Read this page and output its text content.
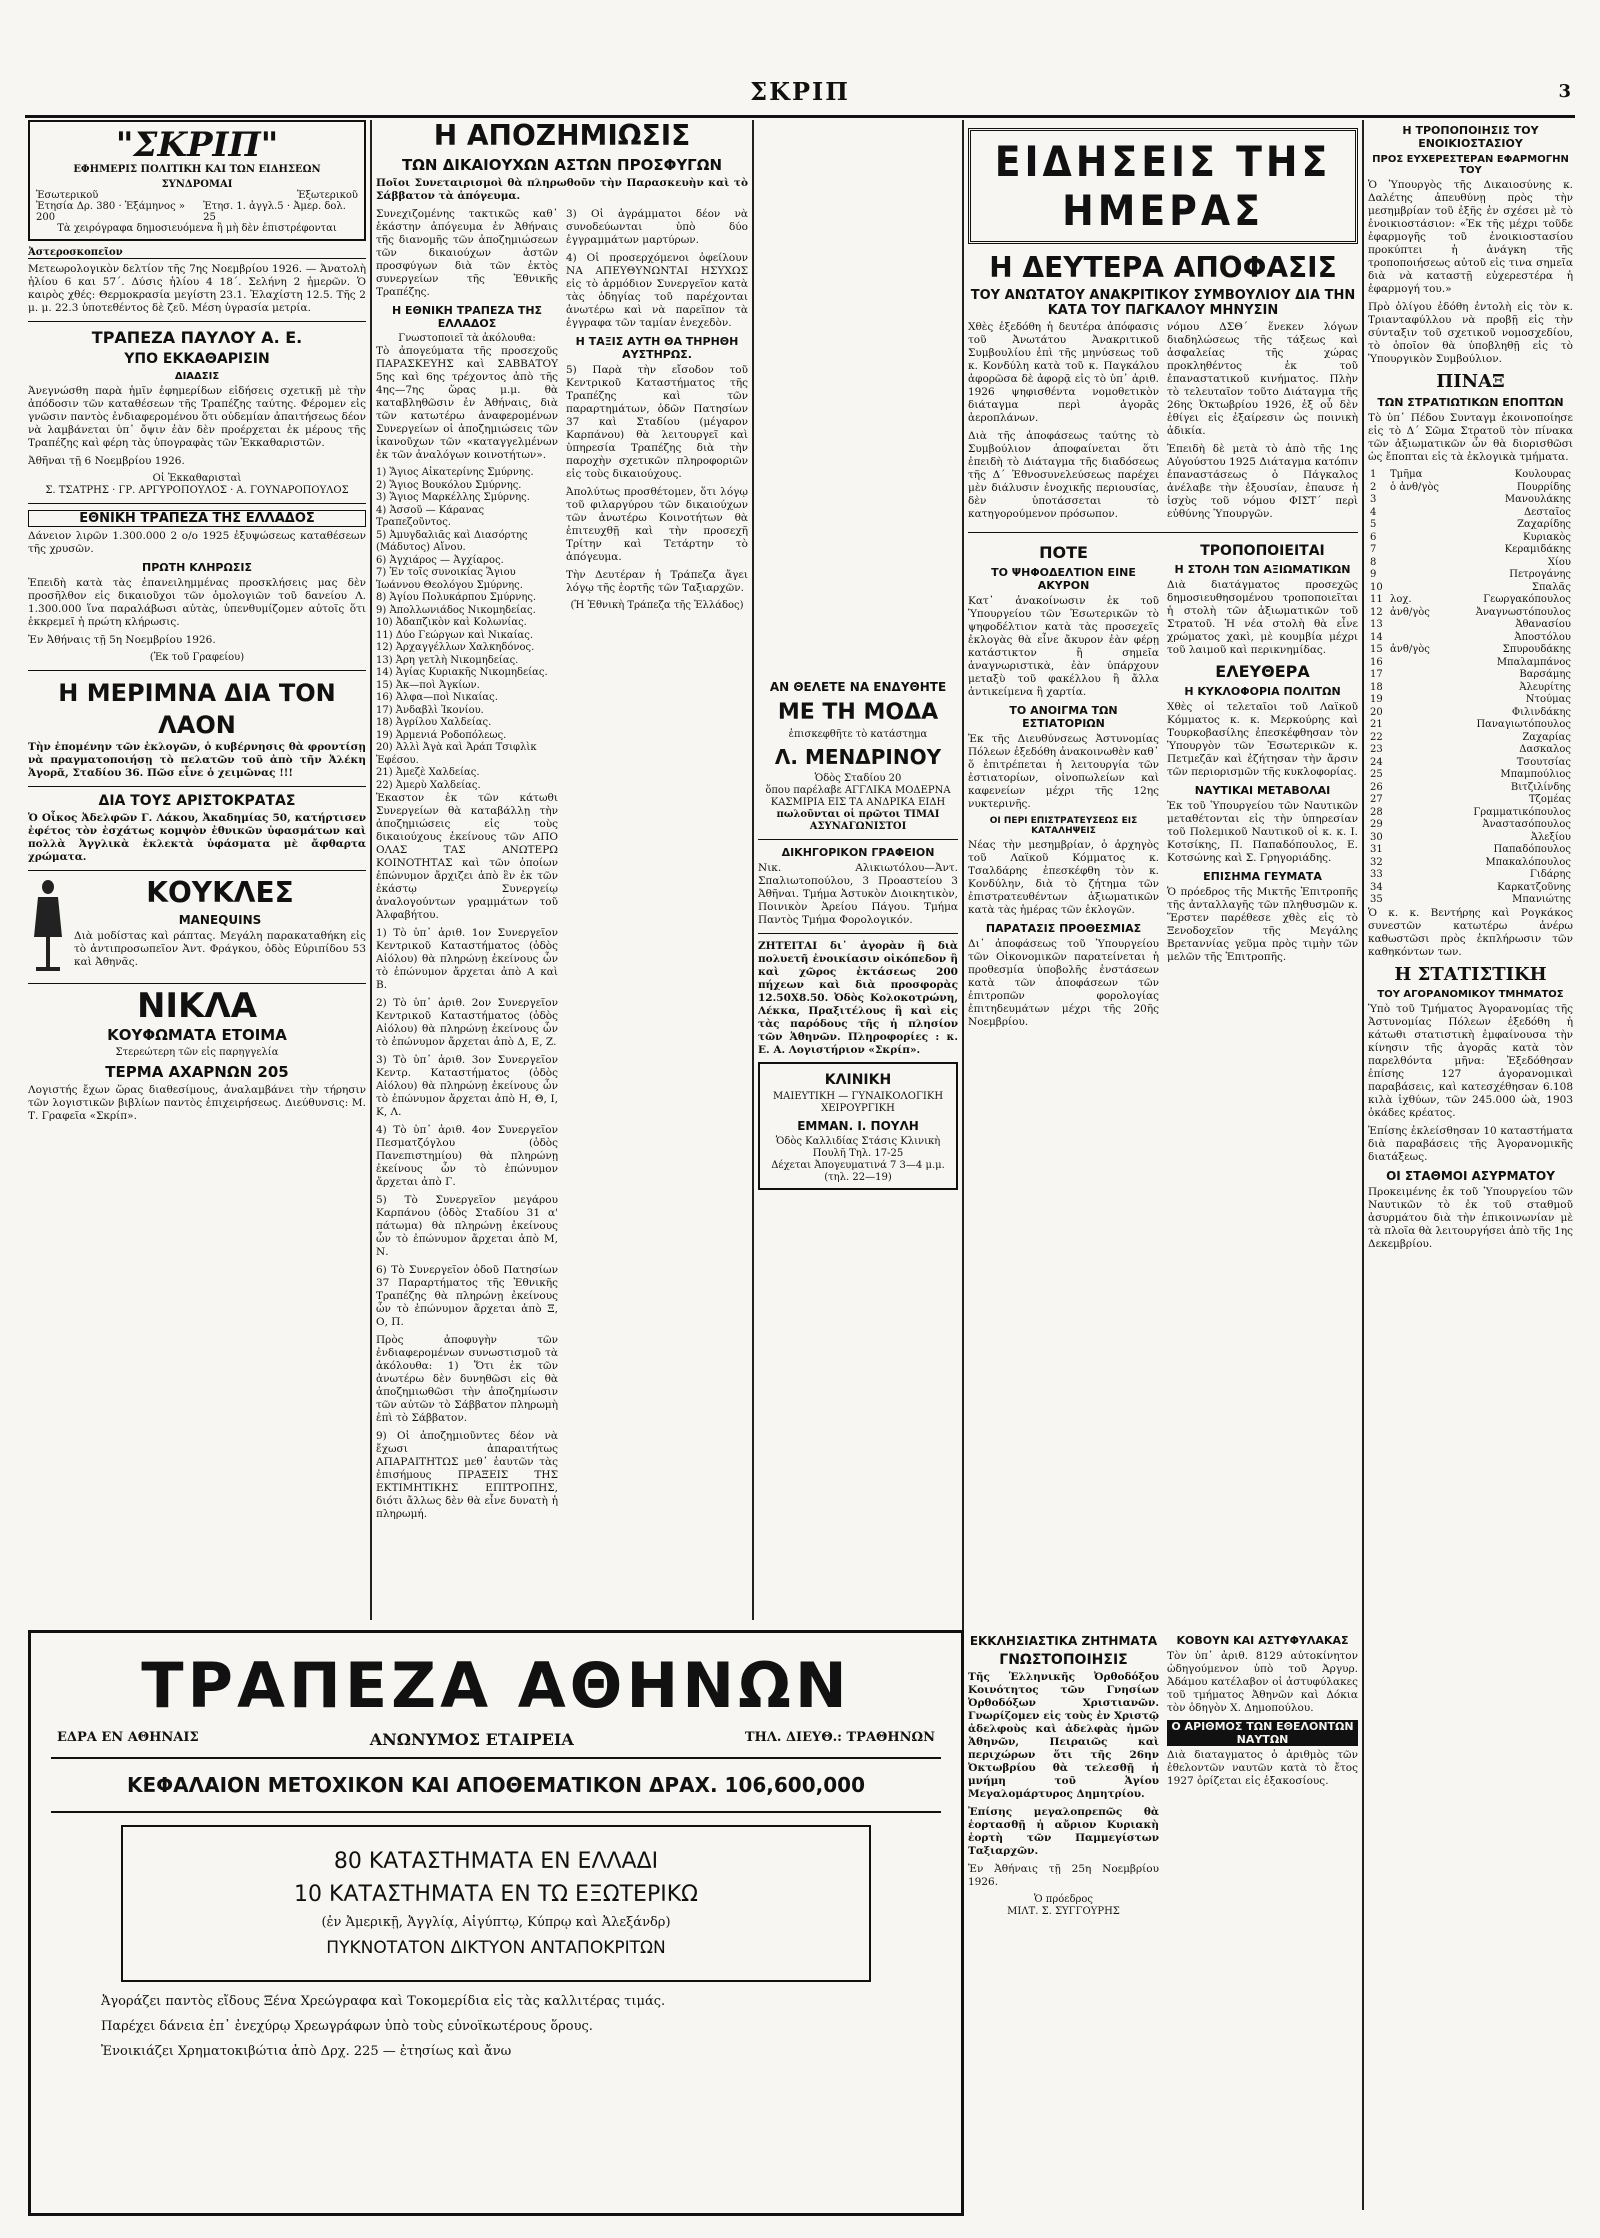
ΣΚΡΙΠ	3
"ΣΚΡΙΠ"
ΕΦΗΜΕΡΙΣ ΠΟΛΙΤΙΚΗ ΚΑΙ ΤΩΝ ΕΙΔΗΣΕΩΝ
ΣΥΝΔΡΟΜΑΙ
Ἐσωτερικοῦ	Ἐξωτερικοῦ
Ἐτησία Δρ. 380 · Ἑξάμηνος » 200
Ἐτησ. 1. ἀγγλ.5 · Ἀμερ. δολ. 25
Τὰ χειρόγραφα δημοσιευόμενα ἢ μὴ δὲν ἐπιστρέφονται
Ἀστεροσκοπεῖον

Μετεωρολογικὸν δελτίον τῆς 7ης Νοεμβρίου 1926. — Ἀνατολὴ ἡλίου 6 και 57΄. Δύσις ἡλίου 4 18΄. Σελήνη 2 ἡμερῶν. Ὁ καιρὸς χθές: Θερμοκρασία μεγίστη 23.1. Ἐλαχίστη 12.5. Τῆς 2 μ. μ. 22.3 ὑποτεθέντος δὲ ζεῦ. Μέση ὑγρασία μετρία.

ΤΡΑΠΕΖΑ ΠΑΥΛΟΥ Α. Ε.
ΥΠΟ ΕΚΚΑΘΑΡΙΣΙΝ
ΔΙΑΔΣΙΣ

Ἀνεγνώσθη παρὰ ἡμῖν ἐφημερίδων εἰδήσεις σχετικῇ μὲ τὴν ἀπόδοσιν τῶν καταθέσεων τῆς Τραπέζης ταύτης. Φέρομεν εἰς γνῶσιν παντὸς ἐνδιαφερομένου ὅτι οὐδεμίαν ἀπαιτήσεως δέον νὰ λαμβάνεται ὑπ᾽ ὄψιν ἐὰν δὲν προέρχεται ἐκ μέρους τῆς Τραπέζης καὶ φέρη τὰς ὑπογραφὰς τῶν Ἐκκαθαριστῶν.

Ἀθῆναι τῇ 6 Νοεμβρίου 1926.

Οἱ Ἐκκαθαρισταὶ
Σ. ΤΣΑΤΡΗΣ · ΓΡ. ΑΡΓΥΡΟΠΟΥΛΟΣ · Α. ΓΟΥΝΑΡΟΠΟΥΛΟΣ
ΕΘΝΙΚΗ ΤΡΑΠΕΖΑ ΤΗΣ ΕΛΛΑΔΟΣ

Δάνειον λιρῶν 1.300.000 2 ο/ο 1925 ἐξυψώσεως καταθέσεων τῆς χρυσῶν.

ΠΡΩΤΗ ΚΛΗΡΩΣΙΣ

Ἐπειδὴ κατὰ τὰς ἐπανειλημμένας προσκλήσεις μας δὲν προσῆλθον εἰς δικαιοῦχοι τῶν ὁμολογιῶν τοῦ δανείου Λ. 1.300.000 ἵνα παραλάβωσι αὐτὰς, ὑπενθυμίζομεν αὐτοῖς ὅτι ἐκκρεμεῖ ἡ πρώτη κλήρωσις.

Ἐν Ἀθήναις τῇ 5η Νοεμβρίου 1926.

(Ἐκ τοῦ Γραφείου)
Η ΜΕΡΙΜΝΑ ΔΙΑ ΤΟΝ ΛΑΟΝ

Τὴν ἐπομένην τῶν ἐκλογῶν, ὁ κυβέρνησις θὰ φροντίσῃ νὰ πραγματοποιήσῃ τὸ πελατῶν τοῦ ἀπὸ τῆν Ἀλέκη Ἀγορᾶ, Σταδίου 36. Πῶσ εἶνε ὁ χειμῶνας !!!

ΔΙΑ ΤΟΥΣ ΑΡΙΣΤΟΚΡΑΤΑΣ

Ὁ Οἶκος Ἀδελφῶν Γ. Λάκου, Ἀκαδημίας 50, κατήρτισεν ἐφέτος τὸν ἐσχάτως κομψὸν ἐθνικῶν ὑφασμάτων καὶ πολλὰ Ἀγγλικὰ ἐκλεκτὰ ὑφάσματα μὲ ἄφθαρτα χρώματα.

ΚΟΥΚΛΕΣ
MANEQUINS

Διὰ μοδίστας καὶ ράπτας. Μεγάλη παρακαταθήκη εἰς τὸ ἀντιπροσωπεῖον Ἀντ. Φράγκου, ὁδὸς Εὐριπίδου 53 καὶ Ἀθηνᾶς.

ΝΙΚΛΑ
ΚΟΥΦΩΜΑΤΑ ΕΤΟΙΜΑ
Στερεώτερη τῶν εἰς παρηγγελία
ΤΕΡΜΑ ΑΧΑΡΝΩΝ 205

Λογιστής ἔχων ὥρας διαθεσίμους, ἀναλαμβάνει τὴν τήρησιν τῶν λογιστικῶν βιβλίων παντὸς ἐπιχειρήσεως. Διεύθυνσις: Μ. Τ. Γραφεῖα «Σκρίπ».

Η ΑΠΟΖΗΜΙΩΣΙΣ
ΤΩΝ ΔΙΚΑΙΟΥΧΩΝ ΑΣΤΩΝ ΠΡΟΣΦΥΓΩΝ

Ποῖοι Συνεταιρισμοὶ θὰ πληρωθοῦν τὴν Παρασκευὴν καὶ τὸ Σάββατον τὰ ἀπόγευμα.

Συνεχιζομένης τακτικῶς καθ᾽ ἑκάστην ἀπόγευμα ἐν Ἀθήναις τῆς διανομῆς τῶν ἀποζημιώσεων τῶν δικαιούχων ἀστῶν προσφύγων διὰ τῶν ἐκτὸς συνεργείων τῆς Ἐθνικῆς Τραπέζης.

Η ΕΘΝΙΚΗ ΤΡΑΠΕΖΑ ΤΗΣ ΕΛΛΑΔΟΣ
Γνωστοποιεῖ τὰ ἀκόλουθα:

Τὸ ἀπογεύματα τῆς προσεχοῦς ΠΑΡΑΣΚΕΥΗΣ καὶ ΣΑΒΒΑΤΟΥ 5ης καὶ 6ης τρέχοντος ἀπὸ τῆς 4ης—7ης ὥρας μ.μ. θὰ καταβληθῶσιν ἐν Ἀθήναις, διὰ τῶν κατωτέρω ἀναφερομένων Συνεργείων οἱ ἀποζημιώσεις τῶν ἱκανοῦχων τῶν «καταγγελμένων ἐκ τῶν ἀναλόγων κοινοτήτων».

1) Ἅγιος Αἰκατερίνης Σμύρνης.
2) Ἅγιος Βουκόλου Σμύρνης.
3) Ἅγιος Μαρκέλλης Σμύρνης.
4) Ἁσσοῦ — Κάρανας Τραπεζοῦντος.
5) Ἀμυγδαλιᾶς καὶ Διασόρτης (Μάδυτος) Αἴνου.
6) Ἀγχιάρος — Ἀγχίαρος.
7) Ἐν τοῖς συνοικίας Ἅγιου Ἰωάννου Θεολόγου Σμύρνης.
8) Ἁγίου Πολυκάρπου Σμύρνης.
9) Ἀπολλωνιάδος Νικομηδείας.
10) Ἀδαπζικὸν καὶ Κολωνίας.
11) Δύο Γεώργων καὶ Νικαίας.
12) Ἀρχαγγέλλων Χαλκηδόνος.
13) Ἀρη γετλὴ Νικομηδείας.
14) Ἁγίας Κυριακῆς Νικομηδείας.
15) Ἀκ—ποὶ Ἀγκίων.
16) Ἀλφα—ποὶ Νικαίας.
17) Ἀνδαβλὶ Ἰκονίου.
18) Ἀγρίλου Χαλδείας.
19) Ἀρμενιά Ροδοπόλεως.
20) Ἀλλὶ Ἀγὰ καὶ Ἀράπ Τσιφλὶκ Ἐφέσου.
21) Ἀμεζὲ Χαλδείας.
22) Ἀμερὺ Χαλδείας.

Ἑκαστον ἐκ τῶν κάτωθι Συνεργείων θὰ καταβάλλῃ τὴν ἀποζημιώσεις εἰς τοὺς δικαιούχους ἐκείνους τῶν ΑΠΟ ΟΛΑΣ ΤΑΣ ΑΝΩΤΕΡΩ ΚΟΙΝΟΤΗΤΑΣ καὶ τῶν ὁποίων ἐπώνυμον ἄρχιζει ἀπὸ ἓν ἐκ τῶν ἑκάστῳ Συνεργείῳ ἀναλογούντων γραμμάτων τοῦ Ἀλφαβήτου.

1) Τὸ ὑπ᾽ ἀριθ. 1ον Συνεργεῖον Κεντρικοῦ Καταστήματος (ὁδὸς Αἰόλου) θὰ πληρώνῃ ἐκείνους ὧν τὸ ἐπώνυμον ἄρχεται ἀπὸ Α καὶ Β.

2) Τὸ ὑπ᾽ ἀριθ. 2ον Συνεργεῖον Κεντρικοῦ Καταστήματος (ὁδὸς Αἰόλου) θὰ πληρώνῃ ἐκείνους ὧν τὸ ἐπώνυμον ἄρχεται ἀπὸ Δ, Ε, Ζ.

3) Τὸ ὑπ᾽ ἀριθ. 3ον Συνεργεῖον Κεντρ. Καταστήματος (ὁδὸς Αἰόλου) θὰ πληρώνῃ ἐκείνους ὧν τὸ ἐπώνυμον ἄρχεται ἀπὸ Η, Θ, Ι, Κ, Λ.

4) Τὸ ὑπ᾽ ἀριθ. 4ον Συνεργεῖον Πεσματζόγλου (ὁδὸς Πανεπιστημίου) θὰ πληρώνῃ ἐκείνους ὧν τὸ ἐπώνυμον ἄρχεται ἀπὸ Γ.

5) Τὸ Συνεργεῖον μεγάρου Καρπάνου (ὁδὸς Σταδίου 31 α' πάτωμα) θὰ πληρώνῃ ἐκείνους ὧν τὸ ἐπώνυμον ἄρχεται ἀπὸ Μ, Ν.

6) Τὸ Συνεργεῖον ὁδοῦ Πατησίων 37 Παραρτήματος τῆς Ἐθνικῆς Τραπέζης θὰ πληρώνῃ ἐκείνους ὧν τὸ ἐπώνυμον ἄρχεται ἀπὸ Ξ, Ο, Π.

Πρὸς ἀποφυγὴν τῶν ἐνδιαφερομένων συνωστισμοῦ τὰ ἀκόλουθα: 1) Ὅτι ἐκ τῶν ἀνωτέρω δὲν δυνηθῶσι εἰς θὰ ἀποζημιωθῶσι τὴν ἀποζημίωσιν τῶν αὐτῶν τὸ Σάββατον πληρωμὴ ἐπὶ τὸ Σάββατον.

9) Οἱ ἀποζημιοῦντες δέον νὰ ἔχωσι ἀπαραιτήτως ΑΠΑΡΑΙΤΗΤΩΣ μεθ᾽ ἑαυτῶν τὰς ἐπισήμους ΠΡΑΞΕΙΣ ΤΗΣ ΕΚΤΙΜΗΤΙΚΗΣ ΕΠΙΤΡΟΠΗΣ, διότι ἄλλως δὲν θὰ εἶνε δυνατὴ ἡ πληρωμή.

3) Οἱ ἀγράμματοι δέον νὰ συνοδεύωνται ὑπὸ δύο ἐγγραμμάτων μαρτύρων.

4) Οἱ προσερχόμενοι ὀφείλουν ΝΑ ΑΠΕΥΘΥΝΩΝΤΑΙ ΗΣΥΧΩΣ εἰς τὸ ἁρμόδιον Συνεργεῖον κατὰ τὰς ὁδηγίας τοῦ παρέχονται ἀνωτέρω καὶ νὰ παρεῖπον τὰ ἐγγραφα τῶν ταμίαν ἐνεχεδὸν.

Η ΤΑΞΙΣ ΑΥΤΗ ΘΑ ΤΗΡΗΘΗ ΑΥΣΤΗΡΩΣ.

5) Παρὰ τὴν εἴσοδον τοῦ Κεντρικοῦ Καταστήματος τῆς Τραπέζης καὶ τῶν παραρτημάτων, ὁδῶν Πατησίων 37 καὶ Σταδίου (μέγαρον Καρπάνου) θὰ λειτουργεῖ καὶ ὑπηρεσία Τραπέζης διὰ τὴν παροχὴν σχετικῶν πληροφοριῶν εἰς τοὺς δικαιούχους.

Ἀπολύτως προσθέτομεν, ὅτι λόγῳ τοῦ φιλαργύρου τῶν δικαιούχων τῶν ἀνωτέρω Κοινοτήτων θὰ ἐπιτευχθῇ καὶ τὴν προσεχῆ Τρίτην καὶ Τετάρτην τὸ ἀπόγευμα.

Τὴν Δευτέραν ἡ Τράπεζα ἄγει λόγῳ τῆς ἑορτῆς τῶν Ταξιαρχῶν.

(Ἡ Ἐθνικὴ Τράπεζα τῆς Ἑλλάδος)
ΑΝ ΘΕΛΕΤΕ ΝΑ ΕΝΔΥΘΗΤΕ
ΜΕ ΤΗ ΜΟΔΑ
ἐπισκεφθῆτε τὸ κατάστημα
Λ. ΜΕΝΔΡΙΝΟΥ
Ὁδὸς Σταδίου 20
ὅπου παρέλαβε ΑΓΓΛΙΚΑ ΜΟΔΕΡΝΑ ΚΑΣΜΙΡΙΑ ΕΙΣ ΤΑ ΑΝΔΡΙΚΑ ΕΙΔΗ
πωλοῦνται οἱ πρῶτοι ΤΙΜΑΙ ΑΣΥΝΑΓΩΝΙΣΤΟΙ
ΔΙΚΗΓΟΡΙΚΟΝ ΓΡΑΦΕΙΟΝ

Νικ. Αλικιωτόλου—Ἀντ. Σπαλιωτοπούλου, 3 Προαστείου 3 Ἀθῆναι. Τμήμα Ἀστυκὸν Διοικητικὸν, Ποινικὸν Ἀρείου Πάγου. Τμήμα Παντὸς Τμήμα Φορολογικόν.

ΖΗΤΕΙΤΑΙ δι᾽ ἀγορὰν ἢ διὰ πολυετῆ ἐνοικίασιν οἰκόπεδον ἢ καὶ χῶρος ἐκτάσεως 200 πήχεων καὶ διὰ προσφορὰς 12.50Χ8.50. Ὀδὸς Κολοκοτρώνη, Λέκκα, Πραξιτέλους ἢ καὶ εἰς τὰς παρόδους τῆς ἡ πλησίον τῶν Ἁθηνῶν. Πληροφορίες : κ. Ε. Α. Λογιστήριον «Σκρίπ».

ΚΛΙΝΙΚΗ
ΜΑΙΕΥΤΙΚΗ — ΓΥΝΑΙΚΟΛΟΓΙΚΗ ΧΕΙΡΟΥΡΓΙΚΗ
ΕΜΜΑΝ. Ι. ΠΟΥΛΗ
Ὁδὸς Καλλιδίας Στάσις Κλινικὴ Πουλῆ Τηλ. 17-25
Δέχεται Ἀπογευματινά 7 3—4 μ.μ. (τηλ. 22—19)
ΕΙΔΗΣΕΙΣ ΤΗΣ ΗΜΕΡΑΣ
Η ΔΕΥΤΕΡΑ ΑΠΟΦΑΣΙΣ
ΤΟΥ ΑΝΩΤΑΤΟΥ ΑΝΑΚΡΙΤΙΚΟΥ ΣΥΜΒΟΥΛΙΟΥ ΔΙΑ ΤΗΝ ΚΑΤΑ ΤΟΥ ΠΑΓΚΑΛΟΥ ΜΗΝΥΣΙΝ

Χθὲς ἐξεδόθη ἡ δευτέρα ἀπόφασις τοῦ Ἀνωτάτου Ἀνακριτικοῦ Συμβουλίου ἐπὶ τῆς μηνύσεως τοῦ κ. Κονδύλη κατὰ τοῦ κ. Παγκάλου ἀφορῶσα δὲ ἀφορᾷ εἰς τὸ ὑπ᾽ ἀριθ. 1926 ψηφισθέντα νομοθετικὸν διάταγμα περὶ ἀγορᾶς ἀεροπλάνων.

Διὰ τῆς ἀποφάσεως ταύτης τὸ Συμβούλιον ἀποφαίνεται ὅτι ἐπειδὴ τὸ Διάταγμα τῆς διαδόσεως τῆς Δ΄ Ἐθνοσυνελεύσεως παρέχει μὲν διάλυσιν ἐνοχικῆς περιουσίας, δὲν ὑποτάσσεται τὸ κατηγορούμενον πρόσωπον.

νόμου ΔΣΘ΄ ἕνεκεν λόγων διαδηλώσεως τῆς τάξεως καὶ ἀσφαλείας τῆς χώρας προκληθέντος ἐκ τοῦ ἐπαναστατικοῦ κινήματος. Πλὴν τὸ τελευταῖον τοῦτο Διάταγμα τῆς 26ης Ὀκτωβρίου 1926, ἐξ οὗ δὲν ἐθίγει εἰς ἐξαίρεσιν ὡς ποινικὴ ἀδικία.

Ἐπειδὴ δὲ μετὰ τὸ ἀπὸ τῆς 1ης Αὐγούστου 1925 Διάταγμα κατόπιν ἐπαναστάσεως ὁ Πάγκαλος ἀνέλαβε τὴν ἐξουσίαν, ἐπαυσε ἡ ἰσχὺς τοῦ νόμου ΦΙΣΤ΄ περὶ εὐθύνης Ὑπουργῶν.

ΠΟΤΕ
ΤΟ ΨΗΦΟΔΕΛΤΙΟΝ ΕΙΝΕ ΑΚΥΡΟΝ

Κατ᾽ ἀνακοίνωσιν ἐκ τοῦ Ὑπουργείου τῶν Ἐσωτερικῶν τὸ ψηφοδέλτιον κατὰ τὰς προσεχεῖς ἐκλογὰς θὰ εἶνε ἄκυρον ἐὰν φέρῃ κατάστικτον ἢ σημεῖα ἀναγνωριστικὰ, ἐὰν ὑπάρχουν μεταξὺ τοῦ φακέλλου ἢ ἄλλα ἀντικείμενα ἢ χαρτία.

ΤΟ ΑΝΟΙΓΜΑ ΤΩΝ ΕΣΤΙΑΤΟΡΙΩΝ

Ἐκ τῆς Διευθύνσεως Ἀστυνομίας Πόλεων ἐξεδόθη ἀνακοινωθὲν καθ᾽ ὅ ἐπιτρέπεται ἡ λειτουργία τῶν ἐστιατορίων, οἰνοπωλείων καὶ καφενείων μέχρι τῆς 12ης νυκτερινῆς.

ΟΙ ΠΕΡΙ ΕΠΙΣΤΡΑΤΕΥΣΕΩΣ ΕΙΣ ΚΑΤΑΛΗΨΕΙΣ

Νέας τὴν μεσημβρίαν, ὁ ἀρχηγὸς τοῦ Λαϊκοῦ Κόμματος κ. Τσαλδάρης ἐπεσκέφθη τὸν κ. Κονδύλην, διὰ τὸ ζήτημα τῶν ἐπιστρατευθέντων ἀξιωματικῶν κατὰ τὰς ἡμέρας τῶν ἐκλογῶν.

ΠΑΡΑΤΑΣΙΣ ΠΡΟΘΕΣΜΙΑΣ

Δι᾽ ἀποφάσεως τοῦ Ὑπουργείου τῶν Οἰκονομικῶν παρατείνεται ἡ προθεσμία ὑποβολῆς ἐνστάσεων κατὰ τῶν ἀποφάσεων τῶν ἐπιτροπῶν φορολογίας ἐπιτηδευμάτων μέχρι τῆς 20ῆς Νοεμβρίου.

ΤΡΟΠΟΠΟΙΕΙΤΑΙ
Η ΣΤΟΛΗ ΤΩΝ ΑΞΙΩΜΑΤΙΚΩΝ

Διὰ διατάγματος προσεχῶς δημοσιευθησομένου τροποποιεῖται ἡ στολὴ τῶν ἀξιωματικῶν τοῦ Στρατοῦ. Ἡ νέα στολὴ θὰ εἶνε χρώματος χακὶ, μὲ κουμβία μέχρι τοῦ λαιμοῦ καὶ περικνημίδας.

ΕΛΕΥΘΕΡΑ
Η ΚΥΚΛΟΦΟΡΙΑ ΠΟΛΙΤΩΝ

Χθὲς οἱ τελεταῖοι τοῦ Λαϊκοῦ Κόμματος κ. κ. Μερκούρης καὶ Τουρκοβασίλης ἐπεσκέφθησαν τὸν Ὑπουργὸν τῶν Ἐσωτερικῶν κ. Πετμεζᾶν καὶ ἐζήτησαν τὴν ἄρσιν τῶν περιορισμῶν τῆς κυκλοφορίας.

ΝΑΥΤΙΚΑΙ ΜΕΤΑΒΟΛΑΙ

Ἐκ τοῦ Ὑπουργείου τῶν Ναυτικῶν μεταθέτονται εἰς τὴν ὑπηρεσίαν τοῦ Πολεμικοῦ Ναυτικοῦ οἱ κ. κ. Ι. Κοτσίκης, Π. Παπαδόπουλος, Ε. Κοτσώνης καὶ Σ. Γρηγοριάδης.

ΕΠΙΣΗΜΑ ΓΕΥΜΑΤΑ

Ὁ πρόεδρος τῆς Μικτῆς Ἐπιτροπῆς τῆς ἀνταλλαγῆς τῶν πληθυσμῶν κ. Ἕρστεν παρέθεσε χθὲς εἰς τὸ Ξενοδοχεῖον τῆς Μεγάλης Βρεταννίας γεῦμα πρὸς τιμὴν τῶν μελῶν τῆς Ἐπιτροπῆς.

ΕΚΚΛΗΣΙΑΣΤΙΚΑ ΖΗΤΗΜΑΤΑ
ΓΝΩΣΤΟΠΟΙΗΣΙΣ

Τῆς Ἑλληνικῆς Ὀρθοδόξου Κοινότητος τῶν Γνησίων Ὀρθοδόξων Χριστιανῶν. Γνωρίζομεν εἰς τοὺς ἐν Χριστῷ ἀδελφοὺς καὶ ἀδελφὰς ἡμῶν Ἀθηνῶν, Πειραιῶς καὶ περιχώρων ὅτι τῆς 26ην Ὀκτωβρίου θὰ τελεσθῇ ἡ μνήμη τοῦ Ἁγίου Μεγαλομάρτυρος Δημητρίου.

Ἐπίσης μεγαλοπρεπῶς θὰ ἑορτασθῇ ἡ αὔριον Κυριακὴ ἑορτὴ τῶν Παμμεγίστων Ταξιαρχῶν.

Ἐν Ἀθήναις τῇ 25η Νοεμβρίου 1926.

Ὁ πρόεδρος
ΜΙΛΤ. Σ. ΣΥΓΓΟΥΡΗΣ
ΚΟΒΟΥΝ ΚΑΙ ΑΣΤΥΦΥΛΑΚΑΣ

Τὸν ὑπ᾽ ἀριθ. 8129 αὐτοκίνητον ὡδηγούμενον ὑπὸ τοῦ Ἀργυρ. Ἀδάμου κατέλαβον οἱ ἀστυφύλακες τοῦ τμήματος Ἀθηνῶν καὶ Δόκια τὸν ὁδηγὸν Χ. Δημοπούλου.

Ο ΑΡΙΘΜΟΣ ΤΩΝ ΕΘΕΛΟΝΤΩΝ ΝΑΥΤΩΝ

Διὰ διαταγματος ὁ ἀριθμὸς τῶν ἐθελοντῶν ναυτῶν κατὰ τὸ ἔτος 1927 ὁρίζεται εἰς ἑξακοσίους.

Η ΤΡΟΠΟΠΟΙΗΣΙΣ ΤΟΥ ΕΝΟΙΚΙΟΣΤΑΣΙΟΥ
ΠΡΟΣ ΕΥΧΕΡΕΣΤΕΡΑΝ ΕΦΑΡΜΟΓΗΝ ΤΟΥ

Ὁ Ὑπουργὸς τῆς Δικαιοσύνης κ. Δαλέτης ἀπευθύνῃ πρὸς τὴν μεσημβρίαν τοῦ ἐξῆς ἐν σχέσει μὲ τὸ ἐνοικιοστάσιον: «Ἐκ τῆς μέχρι τοῦδε ἐφαρμογῆς τοῦ ἐνοικιοστασίου προκύπτει ἡ ἀνάγκη τῆς τροποποιήσεως αὐτοῦ εἰς τινα σημεῖα διὰ νὰ καταστῇ εὐχερεστέρα ἡ ἐφαρμογή του.»

Πρὸ ὀλίγου ἐδόθη ἐντολὴ εἰς τὸν κ. Τριανταφύλλου νὰ προβῇ εἰς τὴν σύνταξιν τοῦ σχετικοῦ νομοσχεδίου, τὸ ὁποῖον θὰ ὑποβληθῇ εἰς τὸ Ὑπουργικὸν Συμβούλιον.

ΠΙΝΑΞ
ΤΩΝ ΣΤΡΑΤΙΩΤΙΚΩΝ ΕΠΟΠΤΩΝ

Τὸ ὑπ᾽ Πέδου Συνταγμ ἐκοινοποίησε εἰς τὸ Δ΄ Σῶμα Στρατοῦ τὸν πίνακα τῶν ἀξιωματικῶν ὧν θὰ διορισθῶσι ὡς ἔποπται εἰς τὰ ἐκλογικὰ τμήματα.

1	Τμῆμα	Κουλουρας
2	ὁ ἀνθ/γὸς	Πουρρίδης
3		Μανουλάκης
4		Δεσταῖος
5		Ζαχαρίδης
6		Κυριακὸς
7		Κεραμιδάκης
8		Χίου
9		Πετρογάνης
10		Σπαλᾶς
11	λοχ.	Γεωργακόπουλος
12	ἀνθ/γὸς	Ἀναγνωστόπουλος
13		Ἀθανασίου
14		Ἀποστόλου
15	ἀνθ/γὸς	Σπυρουδάκης
16		Μπαλαμπάνος
17		Βαρσάμης
18		Ἀλευρίτης
19		Ντούμας
20		Φιλινδάκης
21		Παναγιωτόπουλος
22		Ζαχαρίας
23		Δασκαλος
24		Τσουτσίας
25		Μπαμπούλιος
26		Βιτζιλίνδης
27		Τζομέας
28		Γραμματικόπουλος
29		Ἀναστασόπουλος
30		Ἀλεξίου
31		Παπαδόπουλος
32		Μπακαλόπουλος
33		Γιδάρης
34		Καρκατζοῦνης
35		Μπανιώτης

Ὁ κ. κ. Βεντήρης καὶ Ρογκάκος συνεστῶν κατωτέρω ἀνέρω καθωστῶσι πρὸς ἐκπλήρωσιν τῶν καθηκόντων των.

Η ΣΤΑΤΙΣΤΙΚΗ
ΤΟΥ ΑΓΟΡΑΝΟΜΙΚΟΥ ΤΜΗΜΑΤΟΣ

Ὑπὸ τοῦ Τμήματος Ἀγορανομίας τῆς Ἀστυνομίας Πόλεων ἐξεδόθη ἡ κάτωθι στατιστικὴ ἐμφαίνουσα τὴν κίνησιν τῆς ἀγορᾶς κατὰ τὸν παρελθόντα μῆνα: Ἐξεδόθησαν ἐπίσης 127 ἀγορανομικαὶ παραβάσεις, καὶ κατεσχέθησαν 6.108 κιλὰ ἰχθύων, τῶν 245.000 ὠὰ, 1903 ὀκάδες κρέατος.

Ἐπίσης ἐκλείσθησαν 10 καταστήματα διὰ παραβάσεις τῆς Ἀγορανομικῆς διατάξεως.

ΟΙ ΣΤΑΘΜΟΙ ΑΣΥΡΜΑΤΟΥ

Προκειμένης ἐκ τοῦ Ὑπουργείου τῶν Ναυτικῶν τὸ ἐκ τοῦ σταθμοῦ ἀσυρμάτου διὰ τὴν ἐπικοινωνίαν μὲ τὰ πλοῖα θὰ λειτουργήσει ἀπὸ τῆς 1ης Δεκεμβρίου.

ΤΡΑΠΕΖΑ ΑΘΗΝΩΝ
ΕΔΡΑ ΕΝ ΑΘΗΝΑΙΣ	ΑΝΩΝΥΜΟΣ ΕΤΑΙΡΕΙΑ	ΤΗΛ. ΔΙΕΥΘ.: ΤΡΑΘΗΝΩΝ
ΚΕΦΑΛΑΙΟΝ ΜΕΤΟΧΙΚΟΝ ΚΑΙ ΑΠΟΘΕΜΑΤΙΚΟΝ ΔΡΑΧ. 106,600,000
80 ΚΑΤΑΣΤΗΜΑΤΑ ΕΝ ΕΛΛΑΔΙ
10 ΚΑΤΑΣΤΗΜΑΤΑ ΕΝ ΤΩ ΕΞΩΤΕΡΙΚΩ
(ἐν Ἀμερικῇ, Ἀγγλίᾳ, Αἰγύπτῳ, Κύπρῳ καὶ Ἀλεξάνδρ)
ΠΥΚΝΟΤΑΤΟΝ ΔΙΚΤΥΟΝ ΑΝΤΑΠΟΚΡΙΤΩΝ
Ἀγοράζει παντὸς εἴδους Ξένα Χρεώγραφα καὶ Τοκομερίδια εἰς τὰς καλλιτέρας τιμάς.
Παρέχει δάνεια ἐπ᾽ ἐνεχύρῳ Χρεωγράφων ὑπὸ τοὺς εὐνοϊκωτέρους ὅρους.
Ἐνοικιάζει Χρηματοκιβώτια ἀπὸ Δρχ. 225 — ἐτησίως καὶ ἄνω
